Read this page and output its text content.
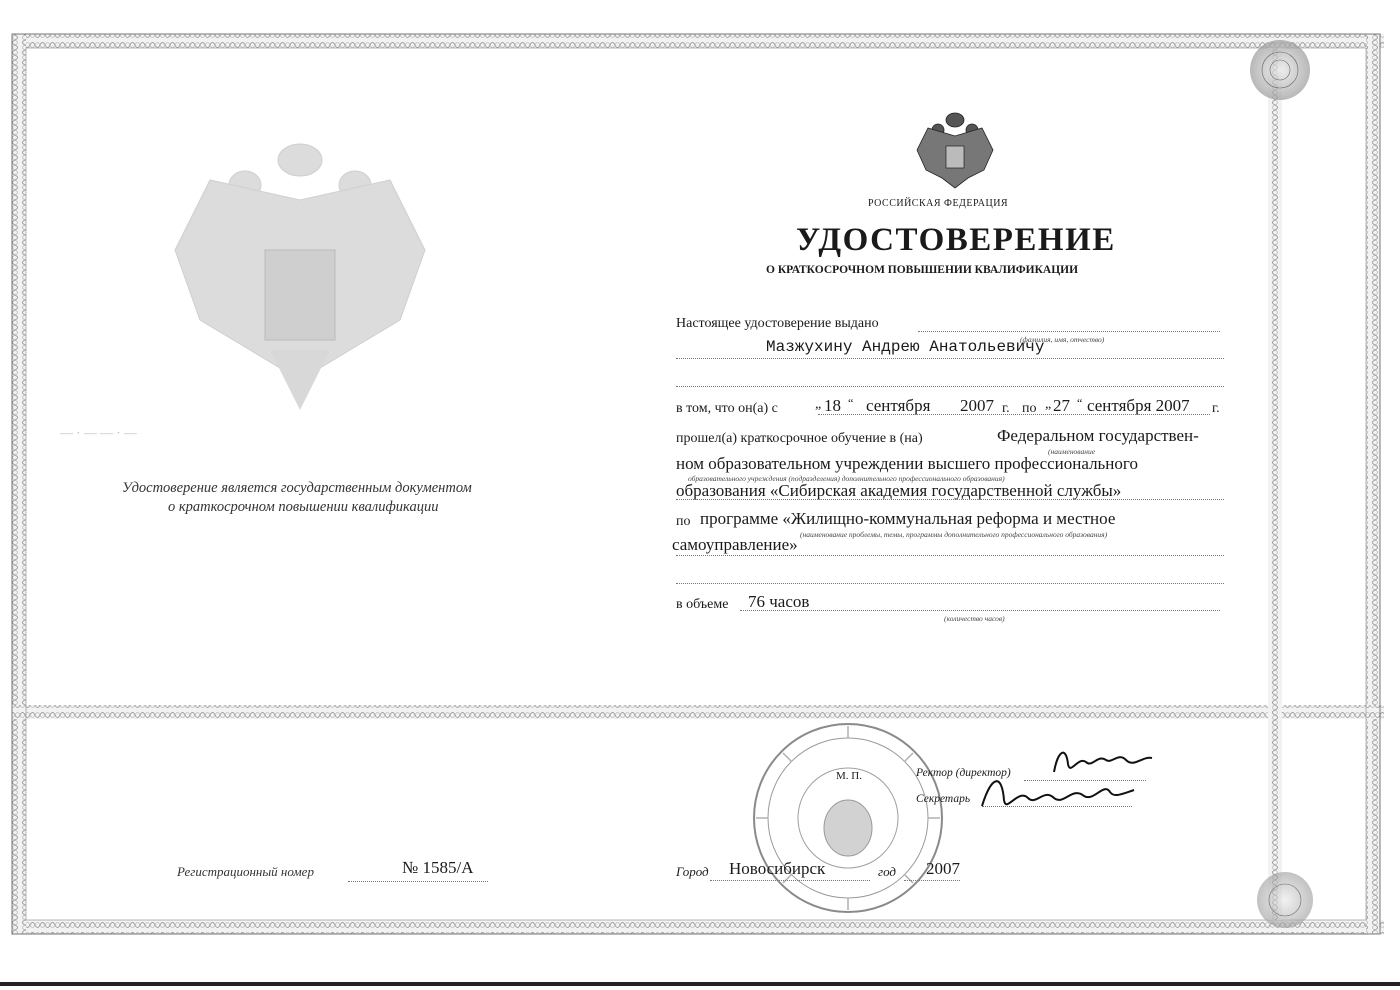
— · — — · —
Удостоверение является государственным документом
о краткосрочном повышении квалификации
Регистрационный номер	№ 1585/А
РОССИЙСКАЯ ФЕДЕРАЦИЯ
УДОСТОВЕРЕНИЕ
О КРАТКОСРОЧНОМ ПОВЫШЕНИИ КВАЛИФИКАЦИИ
Настоящее удостоверение выдано
(фамилия, имя, отчество)
Мазжухину Андрею Анатольевичу
в том, что он(а) с	„ 18 “ сентября 2007 г. по „ 27 “ сентября 2007 г.
прошел(а) краткосрочное обучение в (на)	Федеральном государствен-
(наименование
ном образовательном учреждении высшего профессионального
образовательного учреждения (подразделения) дополнительного профессионального образования)
образования «Сибирская академия государственной службы»
по программе «Жилищно-коммунальная реформа и местное
(наименование проблемы, темы, программы дополнительного профессионального образования)
самоуправление»
в объеме 76 часов
(количество часов)
М. П.	Ректор (директор)
Секретарь
Город Новосибирск	год 2007
